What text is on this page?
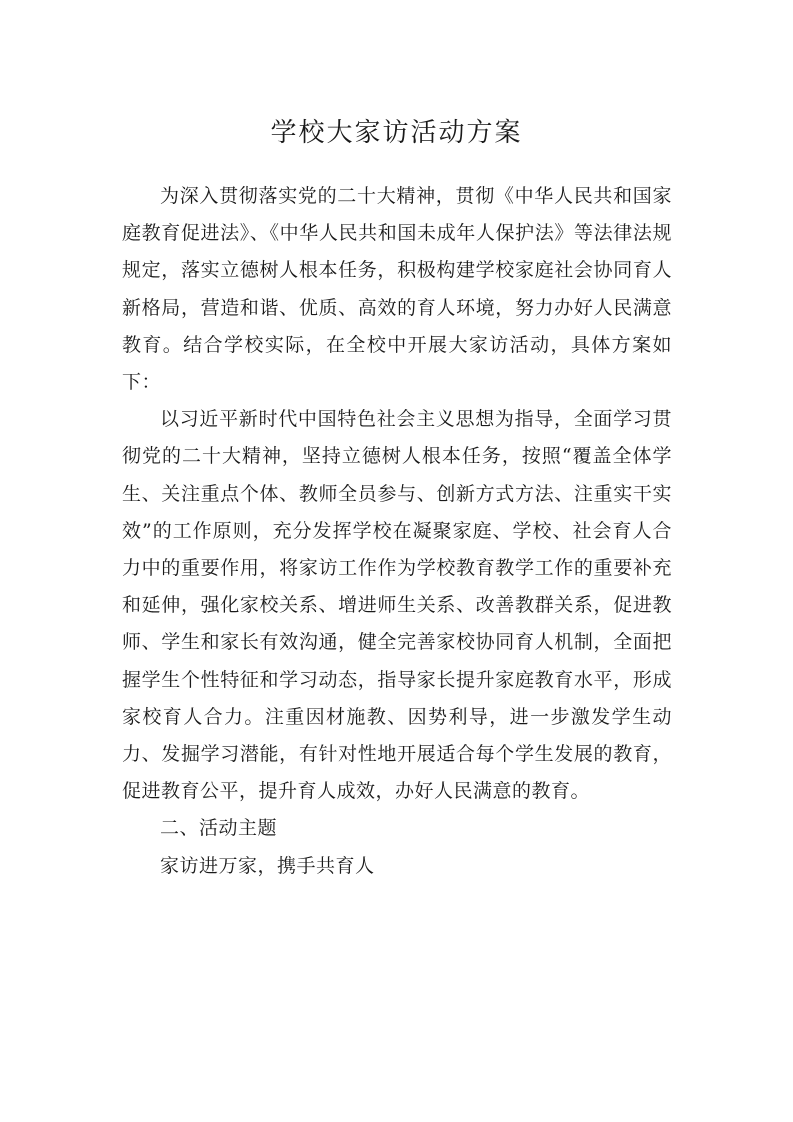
学校大家访活动方案

为深入贯彻落实党的二十大精神，贯彻《中华人民共和国家庭教育促进法》、《中华人民共和国未成年人保护法》等法律法规规定，落实立德树人根本任务，积极构建学校家庭社会协同育人新格局，营造和谐、优质、高效的育人环境，努力办好人民满意教育。结合学校实际，在全校中开展大家访活动，具体方案如下：

以习近平新时代中国特色社会主义思想为指导，全面学习贯彻党的二十大精神，坚持立德树人根本任务，按照“覆盖全体学生、关注重点个体、教师全员参与、创新方式方法、注重实干实效”的工作原则，充分发挥学校在凝聚家庭、学校、社会育人合力中的重要作用，将家访工作作为学校教育教学工作的重要补充和延伸，强化家校关系、增进师生关系、改善教群关系，促进教师、学生和家长有效沟通，健全完善家校协同育人机制，全面把握学生个性特征和学习动态，指导家长提升家庭教育水平，形成家校育人合力。注重因材施教、因势利导，进一步激发学生动力、发掘学习潜能，有针对性地开展适合每个学生发展的教育，促进教育公平，提升育人成效，办好人民满意的教育。

二、活动主题

家访进万家，携手共育人
